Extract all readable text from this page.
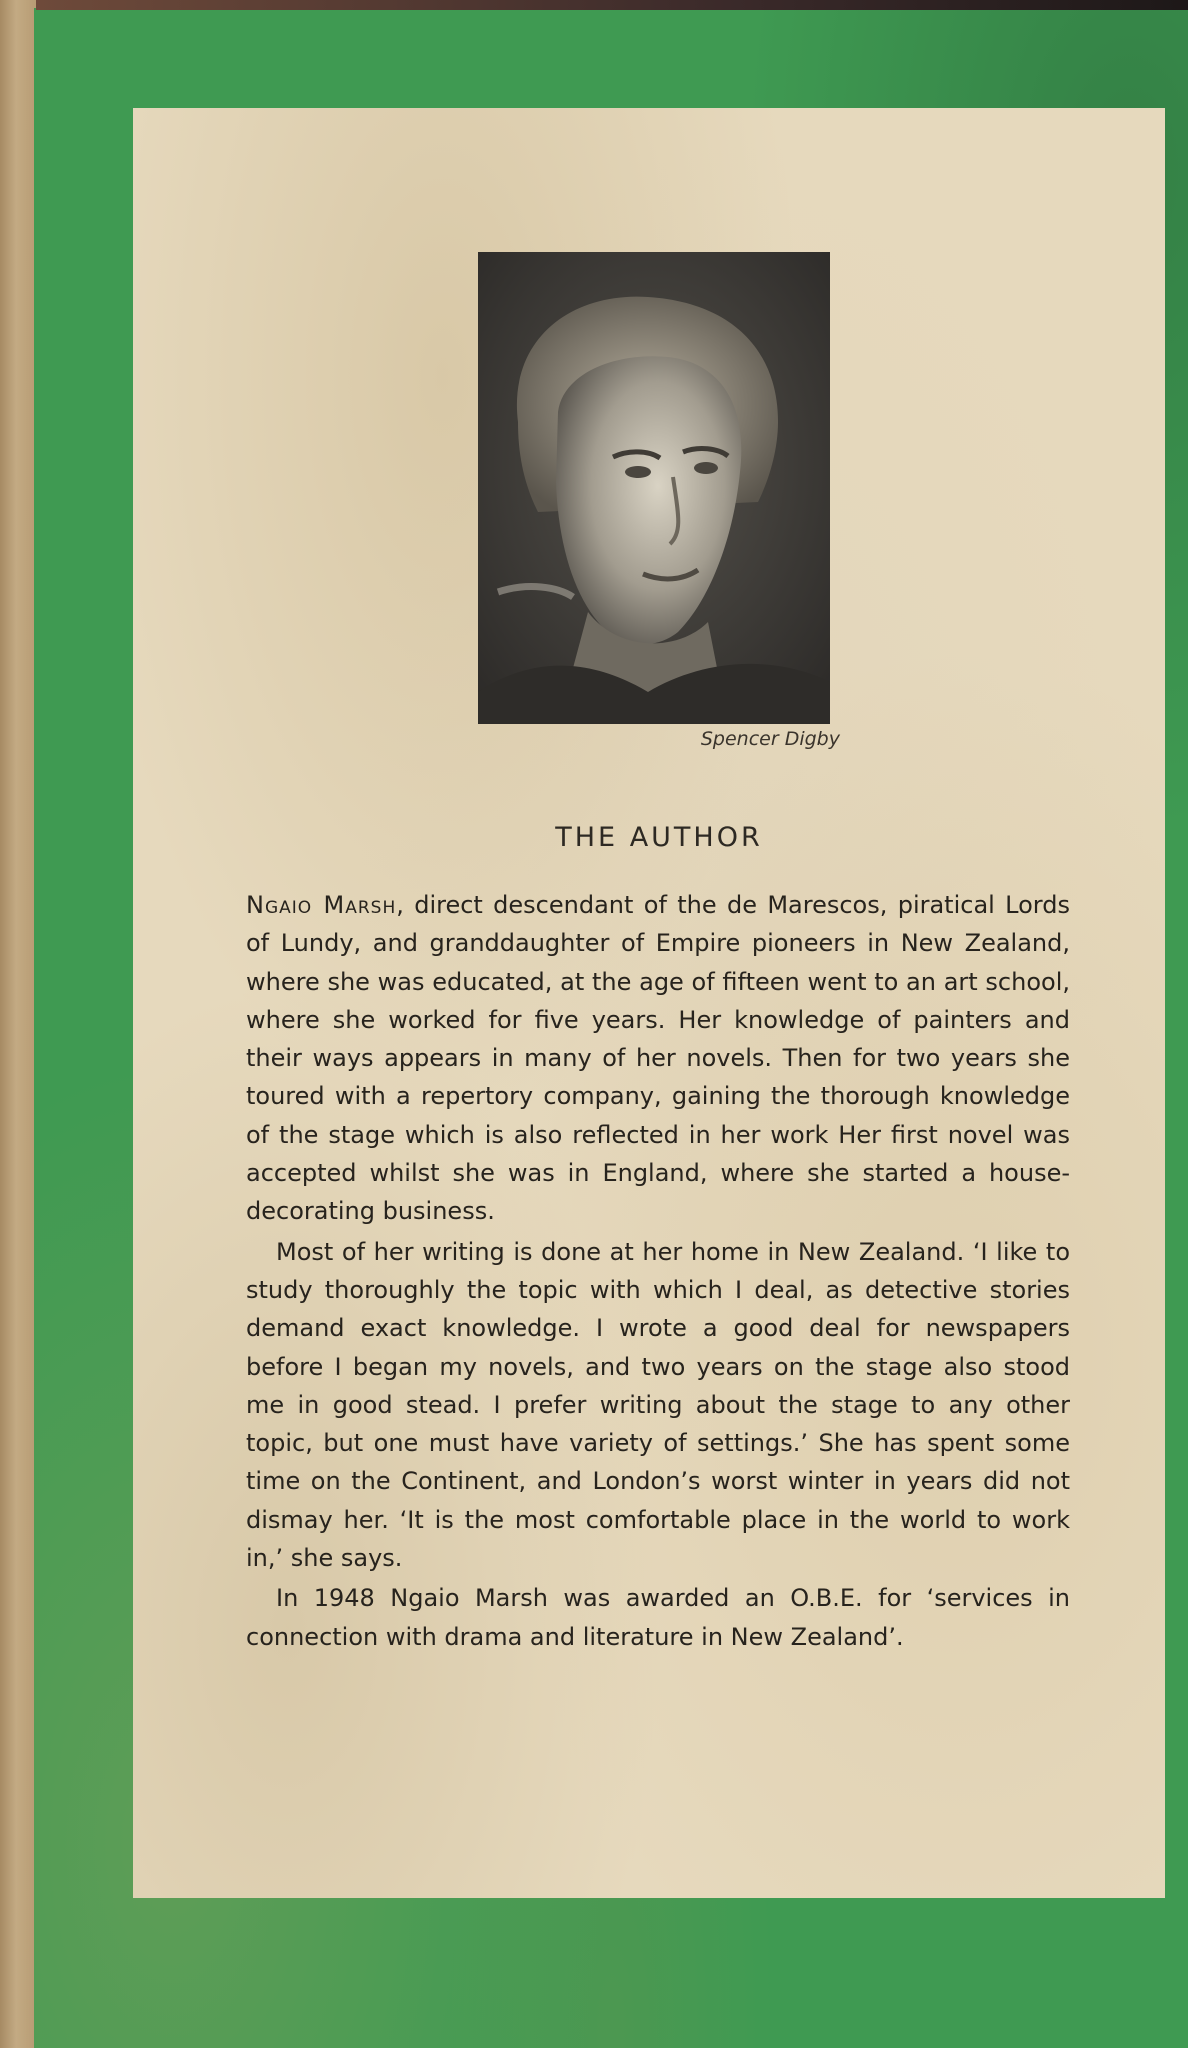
Spencer Digby
THE AUTHOR

Ngaio Marsh, direct descendant of the de Marescos, piratical Lords of Lundy, and granddaughter of Empire pioneers in New Zealand, where she was educated, at the age of fifteen went to an art school, where she worked for five years. Her knowledge of painters and their ways appears in many of her novels. Then for two years she toured with a repertory company, gaining the thorough knowledge of the stage which is also reflected in her work Her first novel was accepted whilst she was in England, where she started a house-decorating business.

Most of her writing is done at her home in New Zealand. ‘I like to study thoroughly the topic with which I deal, as detective stories demand exact knowledge. I wrote a good deal for newspapers before I began my novels, and two years on the stage also stood me in good stead. I prefer writing about the stage to any other topic, but one must have variety of settings.’ She has spent some time on the Continent, and London’s worst winter in years did not dismay her. ‘It is the most comfortable place in the world to work in,’ she says.

In 1948 Ngaio Marsh was awarded an O.B.E. for ‘services in connection with drama and literature in New Zealand’.
